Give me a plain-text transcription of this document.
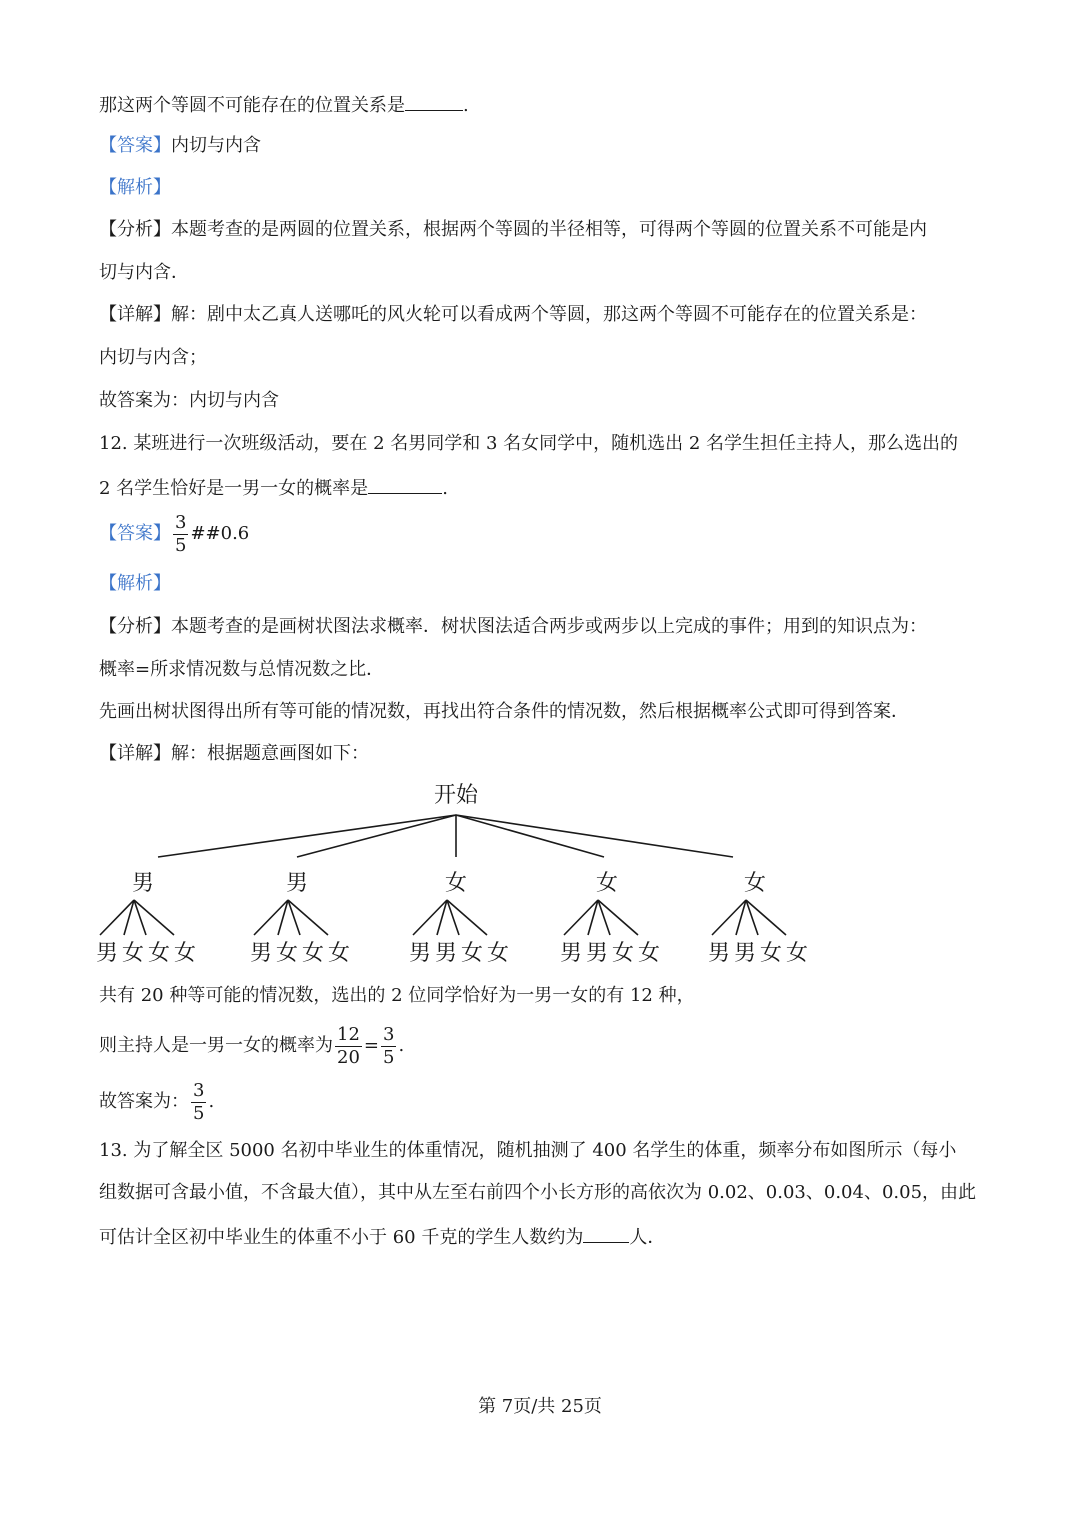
那这两个等圆不可能存在的位置关系是	.
【答案】内切与内含
【解析】
【分析】本题考查的是两圆的位置关系，根据两个等圆的半径相等，可得两个等圆的位置关系不可能是内
切与内含．
【详解】解：剧中太乙真人送哪吒的风火轮可以看成两个等圆，那这两个等圆不可能存在的位置关系是：
内切与内含；
故答案为：内切与内含
12. 某班进行一次班级活动，要在 2 名男同学和 3 名女同学中，随机选出 2 名学生担任主持人，那么选出的
2 名学生恰好是一男一女的概率是	.
【答案】 $\frac{3}{5}$ ##0.6
【解析】
【分析】本题考查的是画树状图法求概率．树状图法适合两步或两步以上完成的事件；用到的知识点为：
概率=所求情况数与总情况数之比．
先画出树状图得出所有等可能的情况数，再找出符合条件的情况数，然后根据概率公式即可得到答案．
【详解】解：根据题意画图如下：
开始
男
男 女 女 女
男
男 女 女 女
女
男 男 女 女
女
男 男 女 女
女
男 男 女 女
共有 20 种等可能的情况数，选出的 2 位同学恰好为一男一女的有 12 种，
则主持人是一男一女的概率为 $\frac{12}{20} = \frac{3}{5}$ .
故答案为： $\frac{3}{5}$ .
13. 为了解全区 5000 名初中毕业生的体重情况，随机抽测了 400 名学生的体重，频率分布如图所示（每小
组数据可含最小值，不含最大值），其中从左至右前四个小长方形的高依次为 0.02、0.03、0.04、0.05，由此
可估计全区初中毕业生的体重不小于 60 千克的学生人数约为	人．
第 7页/共 25页
